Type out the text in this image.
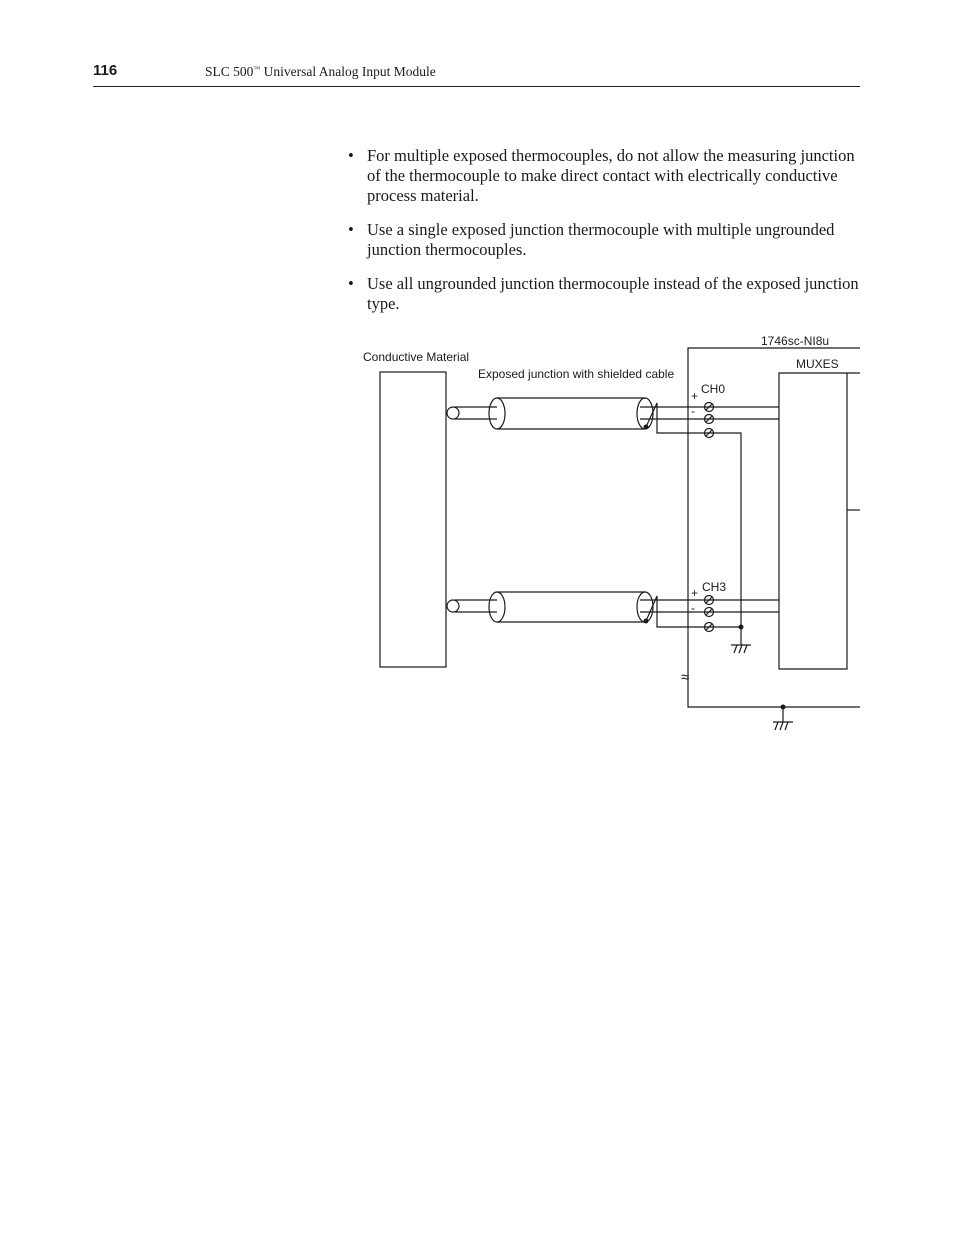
116	SLC 500™ Universal Analog Input Module
• For multiple exposed thermocouples, do not allow the measuring junction of the thermocouple to make direct contact with electrically conductive process material.
• Use a single exposed junction thermocouple with multiple ungrounded junction thermocouples.
• Use all ungrounded junction thermocouple instead of the exposed junction type.
Conductive Material
Exposed junction with shielded cable
1746sc-NI8u
MUXES
CH0
+
-
CH3
+
-
≈
